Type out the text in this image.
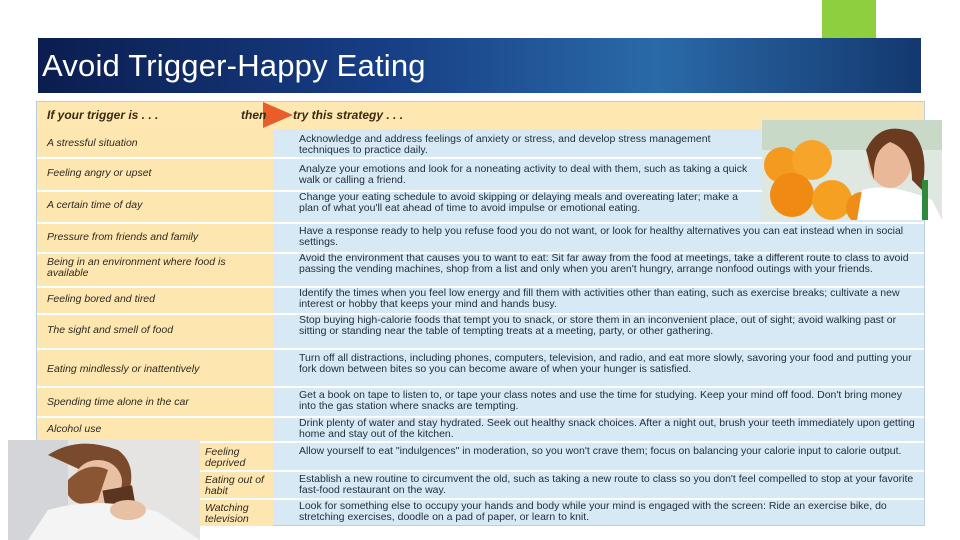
Avoid Trigger-Happy Eating
If your trigger is . . .	then try this strategy . . .
A stressful situation
Feeling angry or upset
A certain time of day
Pressure from friends and family
Being in an environment where food is available
Feeling bored and tired
The sight and smell of food
Eating mindlessly or inattentively
Spending time alone in the car
Alcohol use
Feeling deprived
Eating out of habit
Watching television
Acknowledge and address feelings of anxiety or stress, and develop stress management techniques to practice daily.
Analyze your emotions and look for a noneating activity to deal with them, such as taking a quick walk or calling a friend.
Change your eating schedule to avoid skipping or delaying meals and overeating later; make a plan of what you'll eat ahead of time to avoid impulse or emotional eating.
Have a response ready to help you refuse food you do not want, or look for healthy alternatives you can eat instead when in social settings.
Avoid the environment that causes you to want to eat: Sit far away from the food at meetings, take a different route to class to avoid passing the vending machines, shop from a list and only when you aren't hungry, arrange nonfood outings with your friends.
Identify the times when you feel low energy and fill them with activities other than eating, such as exercise breaks; cultivate a new interest or hobby that keeps your mind and hands busy.
Stop buying high-calorie foods that tempt you to snack, or store them in an inconvenient place, out of sight; avoid walking past or sitting or standing near the table of tempting treats at a meeting, party, or other gathering.
Turn off all distractions, including phones, computers, television, and radio, and eat more slowly, savoring your food and putting your fork down between bites so you can become aware of when your hunger is satisfied.
Get a book on tape to listen to, or tape your class notes and use the time for studying. Keep your mind off food. Don't bring money into the gas station where snacks are tempting.
Drink plenty of water and stay hydrated. Seek out healthy snack choices. After a night out, brush your teeth immediately upon getting home and stay out of the kitchen.
Allow yourself to eat "indulgences" in moderation, so you won't crave them; focus on balancing your calorie input to calorie output.
Establish a new routine to circumvent the old, such as taking a new route to class so you don't feel compelled to stop at your favorite fast-food restaurant on the way.
Look for something else to occupy your hands and body while your mind is engaged with the screen: Ride an exercise bike, do stretching exercises, doodle on a pad of paper, or learn to knit.
